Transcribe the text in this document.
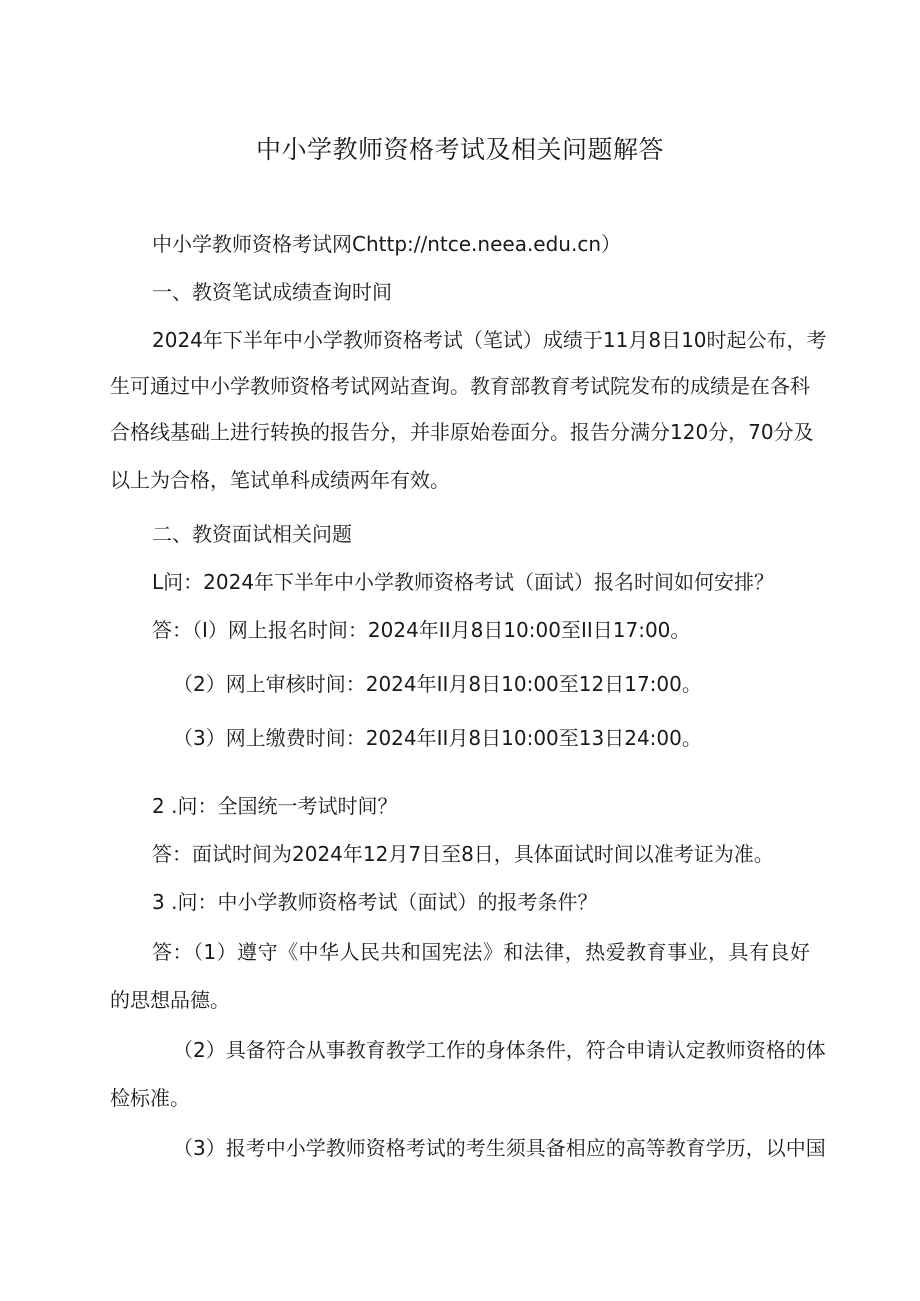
中小学教师资格考试及相关问题解答
中小学教师资格考试网Chttp://ntce.neea.edu.cn）
一、教资笔试成绩查询时间
2024年下半年中小学教师资格考试（笔试）成绩于11月8日10时起公布，考
生可通过中小学教师资格考试网站查询。教育部教育考试院发布的成绩是在各科
合格线基础上进行转换的报告分，并非原始卷面分。报告分满分120分，70分及
以上为合格，笔试单科成绩两年有效。
二、教资面试相关问题
L问：2024年下半年中小学教师资格考试（面试）报名时间如何安排？
答：（I）网上报名时间：2024年II月8日10:00至II日17:00。
（2）网上审核时间：2024年II月8日10:00至12日17:00。
（3）网上缴费时间：2024年II月8日10:00至13日24:00。
2 .问：全国统一考试时间？
答：面试时间为2024年12月7日至8日，具体面试时间以准考证为准。
3 .问：中小学教师资格考试（面试）的报考条件？
答：（1）遵守《中华人民共和国宪法》和法律，热爱教育事业，具有良好
的思想品德。
（2）具备符合从事教育教学工作的身体条件，符合申请认定教师资格的体
检标准。
（3）报考中小学教师资格考试的考生须具备相应的高等教育学历，以中国
